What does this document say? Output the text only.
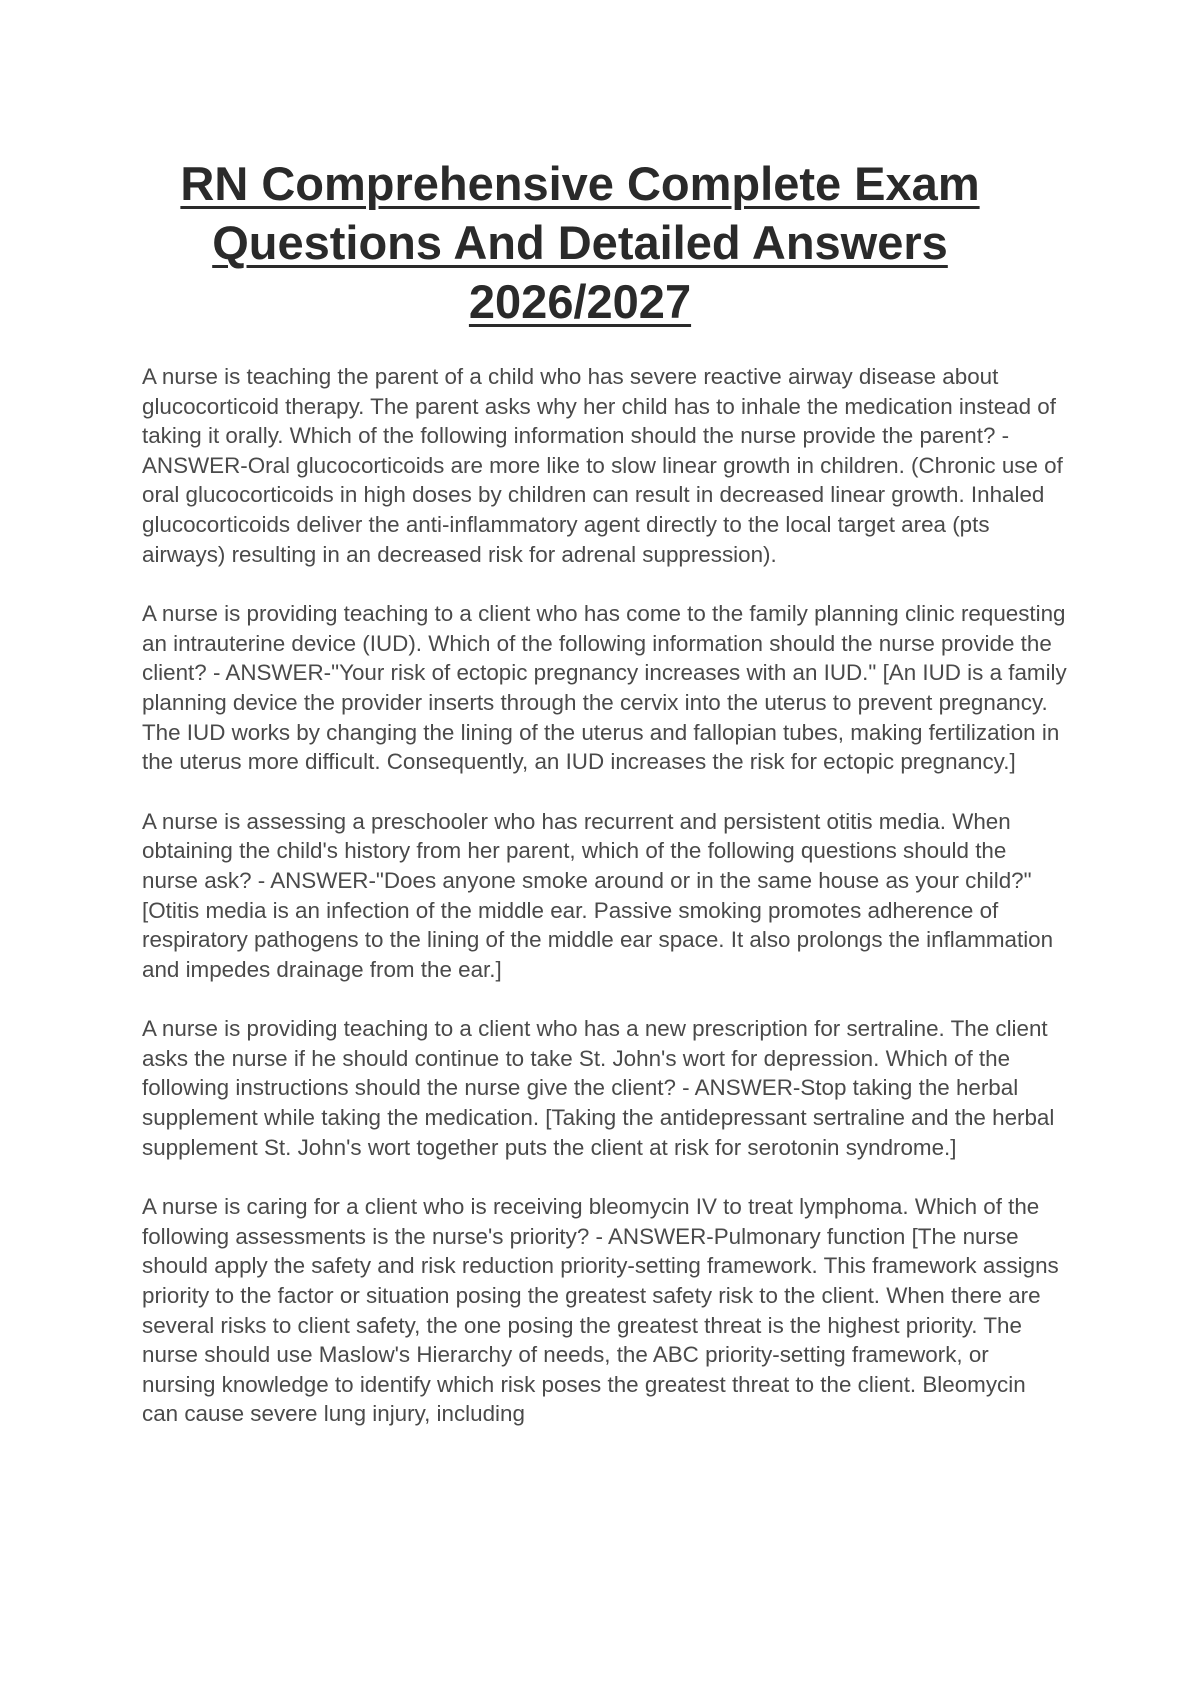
RN Comprehensive Complete Exam
Questions And Detailed Answers
2026/2027

A nurse is teaching the parent of a child who has severe reactive airway disease about glucocorticoid therapy. The parent asks why her child has to inhale the medication instead of taking it orally. Which of the following information should the nurse provide the parent? - ANSWER-Oral glucocorticoids are more like to slow linear growth in children. (Chronic use of oral glucocorticoids in high doses by children can result in decreased linear growth. Inhaled glucocorticoids deliver the anti-inflammatory agent directly to the local target area (pts airways) resulting in an decreased risk for adrenal suppression).

A nurse is providing teaching to a client who has come to the family planning clinic requesting an intrauterine device (IUD). Which of the following information should the nurse provide the client? - ANSWER-"Your risk of ectopic pregnancy increases with an IUD." [An IUD is a family planning device the provider inserts through the cervix into the uterus to prevent pregnancy. The IUD works by changing the lining of the uterus and fallopian tubes, making fertilization in the uterus more difficult. Consequently, an IUD increases the risk for ectopic pregnancy.]

A nurse is assessing a preschooler who has recurrent and persistent otitis media. When obtaining the child's history from her parent, which of the following questions should the nurse ask? - ANSWER-"Does anyone smoke around or in the same house as your child?" [Otitis media is an infection of the middle ear. Passive smoking promotes adherence of respiratory pathogens to the lining of the middle ear space. It also prolongs the inflammation and impedes drainage from the ear.]

A nurse is providing teaching to a client who has a new prescription for sertraline. The client asks the nurse if he should continue to take St. John's wort for depression. Which of the following instructions should the nurse give the client? - ANSWER-Stop taking the herbal supplement while taking the medication. [Taking the antidepressant sertraline and the herbal supplement St. John's wort together puts the client at risk for serotonin syndrome.]

A nurse is caring for a client who is receiving bleomycin IV to treat lymphoma. Which of the following assessments is the nurse's priority? - ANSWER-Pulmonary function [The nurse should apply the safety and risk reduction priority-setting framework. This framework assigns priority to the factor or situation posing the greatest safety risk to the client. When there are several risks to client safety, the one posing the greatest threat is the highest priority. The nurse should use Maslow's Hierarchy of needs, the ABC priority-setting framework, or nursing knowledge to identify which risk poses the greatest threat to the client. Bleomycin can cause severe lung injury, including
